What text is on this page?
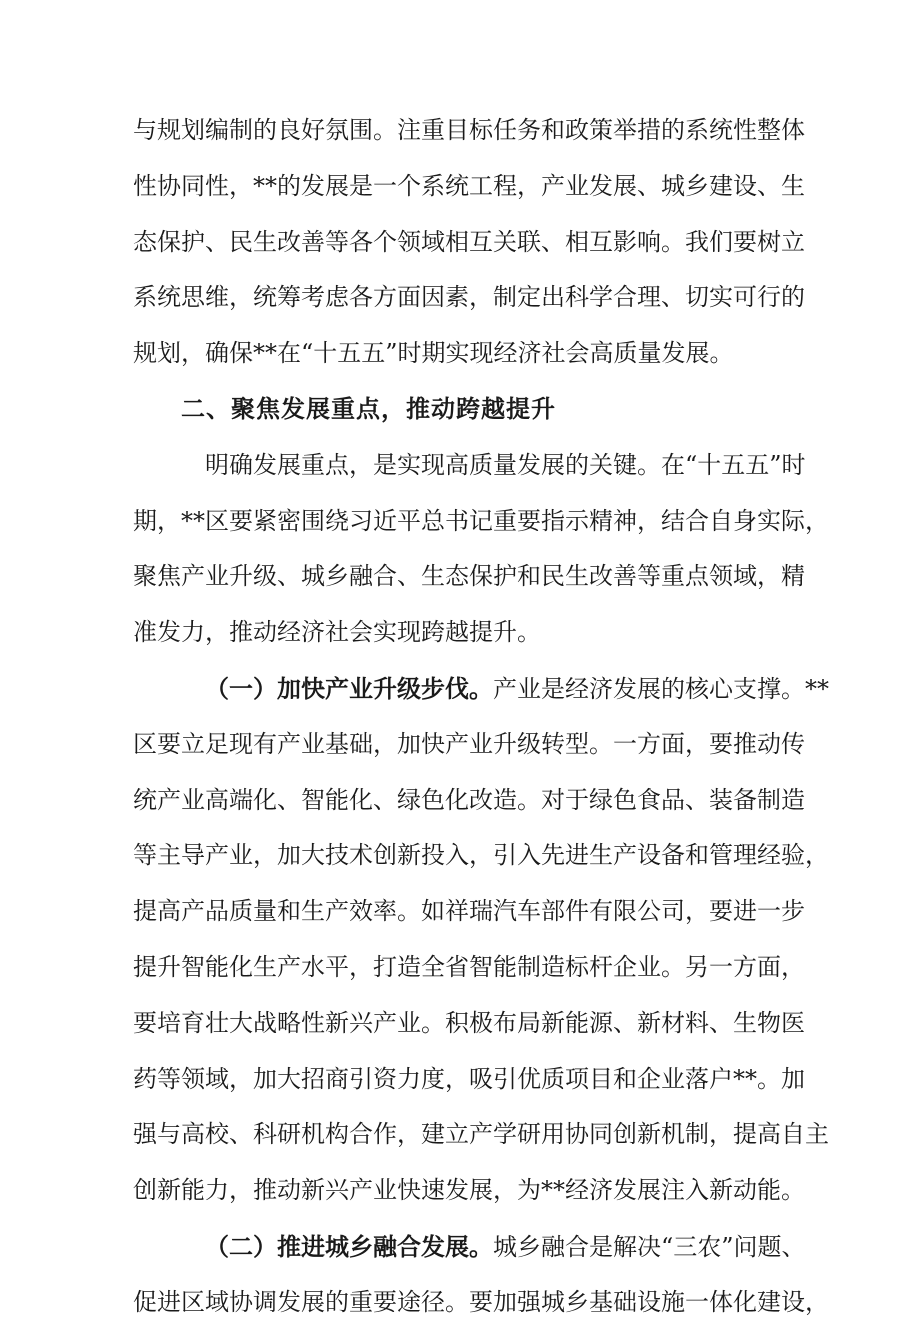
与规划编制的良好氛围。注重目标任务和政策举措的系统性整体
性协同性，**的发展是一个系统工程，产业发展、城乡建设、生
态保护、民生改善等各个领域相互关联、相互影响。我们要树立
系统思维，统筹考虑各方面因素，制定出科学合理、切实可行的
规划，确保**在“十五五”时期实现经济社会高质量发展。
二、聚焦发展重点，推动跨越提升
明确发展重点，是实现高质量发展的关键。在“十五五”时
期，**区要紧密围绕习近平总书记重要指示精神，结合自身实际，
聚焦产业升级、城乡融合、生态保护和民生改善等重点领域，精
准发力，推动经济社会实现跨越提升。
（一）加快产业升级步伐。产业是经济发展的核心支撑。**
区要立足现有产业基础，加快产业升级转型。一方面，要推动传
统产业高端化、智能化、绿色化改造。对于绿色食品、装备制造
等主导产业，加大技术创新投入，引入先进生产设备和管理经验，
提高产品质量和生产效率。如祥瑞汽车部件有限公司，要进一步
提升智能化生产水平，打造全省智能制造标杆企业。另一方面，
要培育壮大战略性新兴产业。积极布局新能源、新材料、生物医
药等领域，加大招商引资力度，吸引优质项目和企业落户**。加
强与高校、科研机构合作，建立产学研用协同创新机制，提高自主
创新能力，推动新兴产业快速发展，为**经济发展注入新动能。
（二）推进城乡融合发展。城乡融合是解决“三农”问题、
促进区域协调发展的重要途径。要加强城乡基础设施一体化建设，
